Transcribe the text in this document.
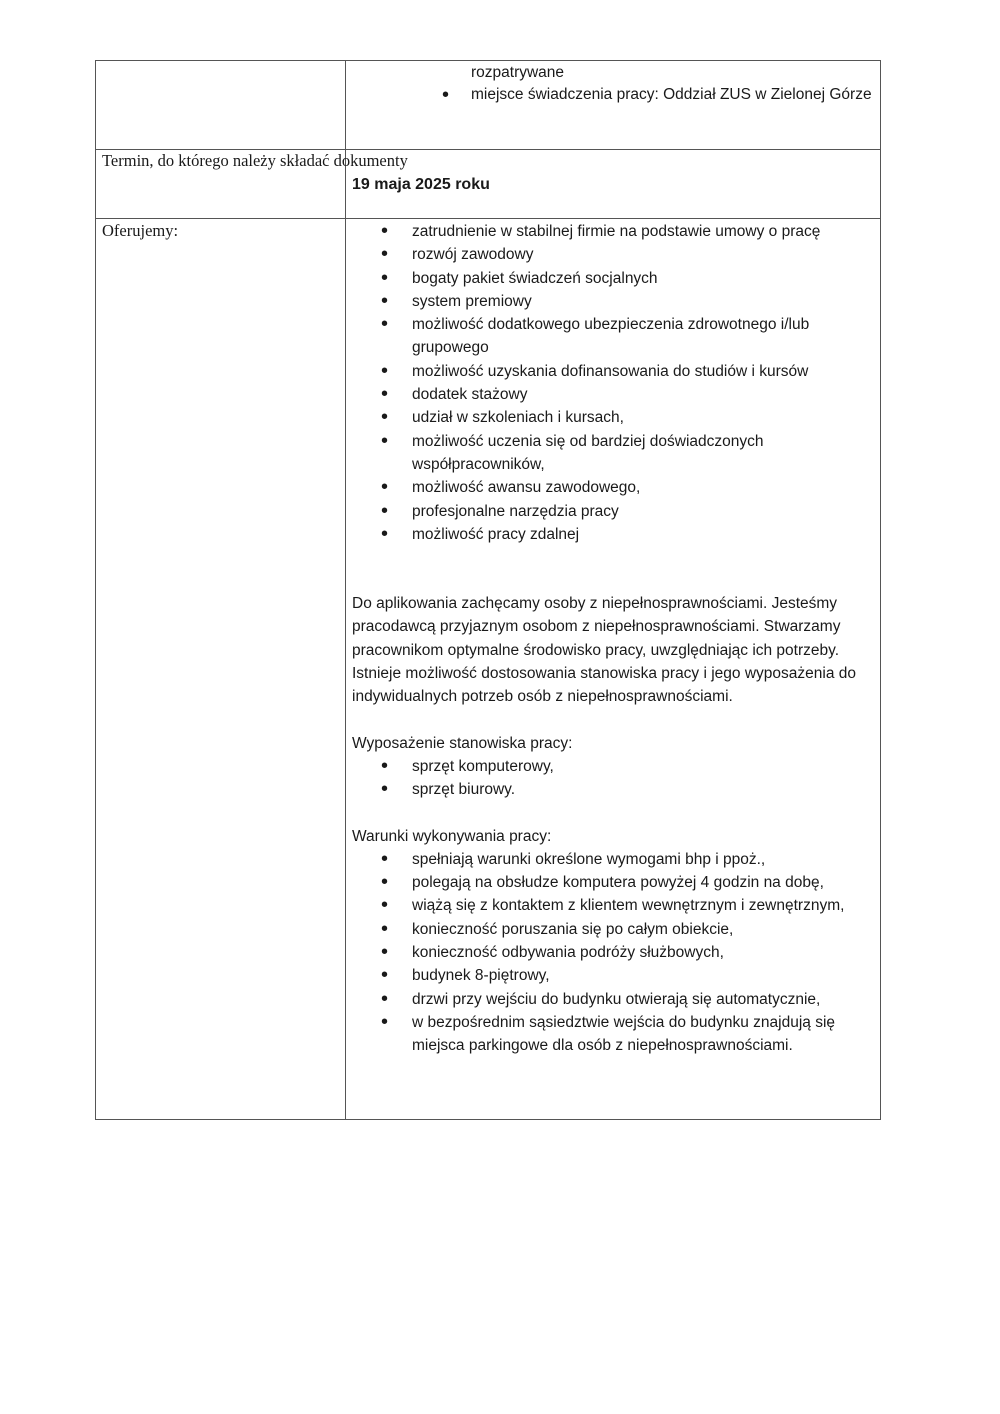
rozpatrywane
• miejsce świadczenia pracy: Oddział ZUS w Zielonej Górze
Termin, do którego należy składać dokumenty
19 maja 2025 roku
Oferujemy:
•	zatrudnienie w stabilnej firmie na podstawie umowy o pracę
• rozwój zawodowy
• bogaty pakiet świadczeń socjalnych
• system premiowy
• możliwość dodatkowego ubezpieczenia zdrowotnego i/lub grupowego
• możliwość uzyskania dofinansowania do studiów i kursów
• dodatek stażowy
• udział w szkoleniach i kursach,
• możliwość uczenia się od bardziej doświadczonych współpracowników,
• możliwość awansu zawodowego,
• profesjonalne narzędzia pracy
• możliwość pracy zdalnej

Do aplikowania zachęcamy osoby z niepełnosprawnościami. Jesteśmy pracodawcą przyjaznym osobom z niepełnosprawnościami. Stwarzamy pracownikom optymalne środowisko pracy, uwzględniając ich potrzeby. Istnieje możliwość dostosowania stanowiska pracy i jego wyposażenia do indywidualnych potrzeb osób z niepełnosprawnościami.

Wyposażenie stanowiska pracy:

• sprzęt komputerowy,
• sprzęt biurowy.

Warunki wykonywania pracy:

• spełniają warunki określone wymogami bhp i ppoż.,
• polegają na obsłudze komputera powyżej 4 godzin na dobę,
• wiążą się z kontaktem z klientem wewnętrznym i zewnętrznym,
• konieczność poruszania się po całym obiekcie,
• konieczność odbywania podróży służbowych,
• budynek 8-piętrowy,
• drzwi przy wejściu do budynku otwierają się automatycznie,
• w bezpośrednim sąsiedztwie wejścia do budynku znajdują się miejsca parkingowe dla osób z niepełnosprawnościami.
